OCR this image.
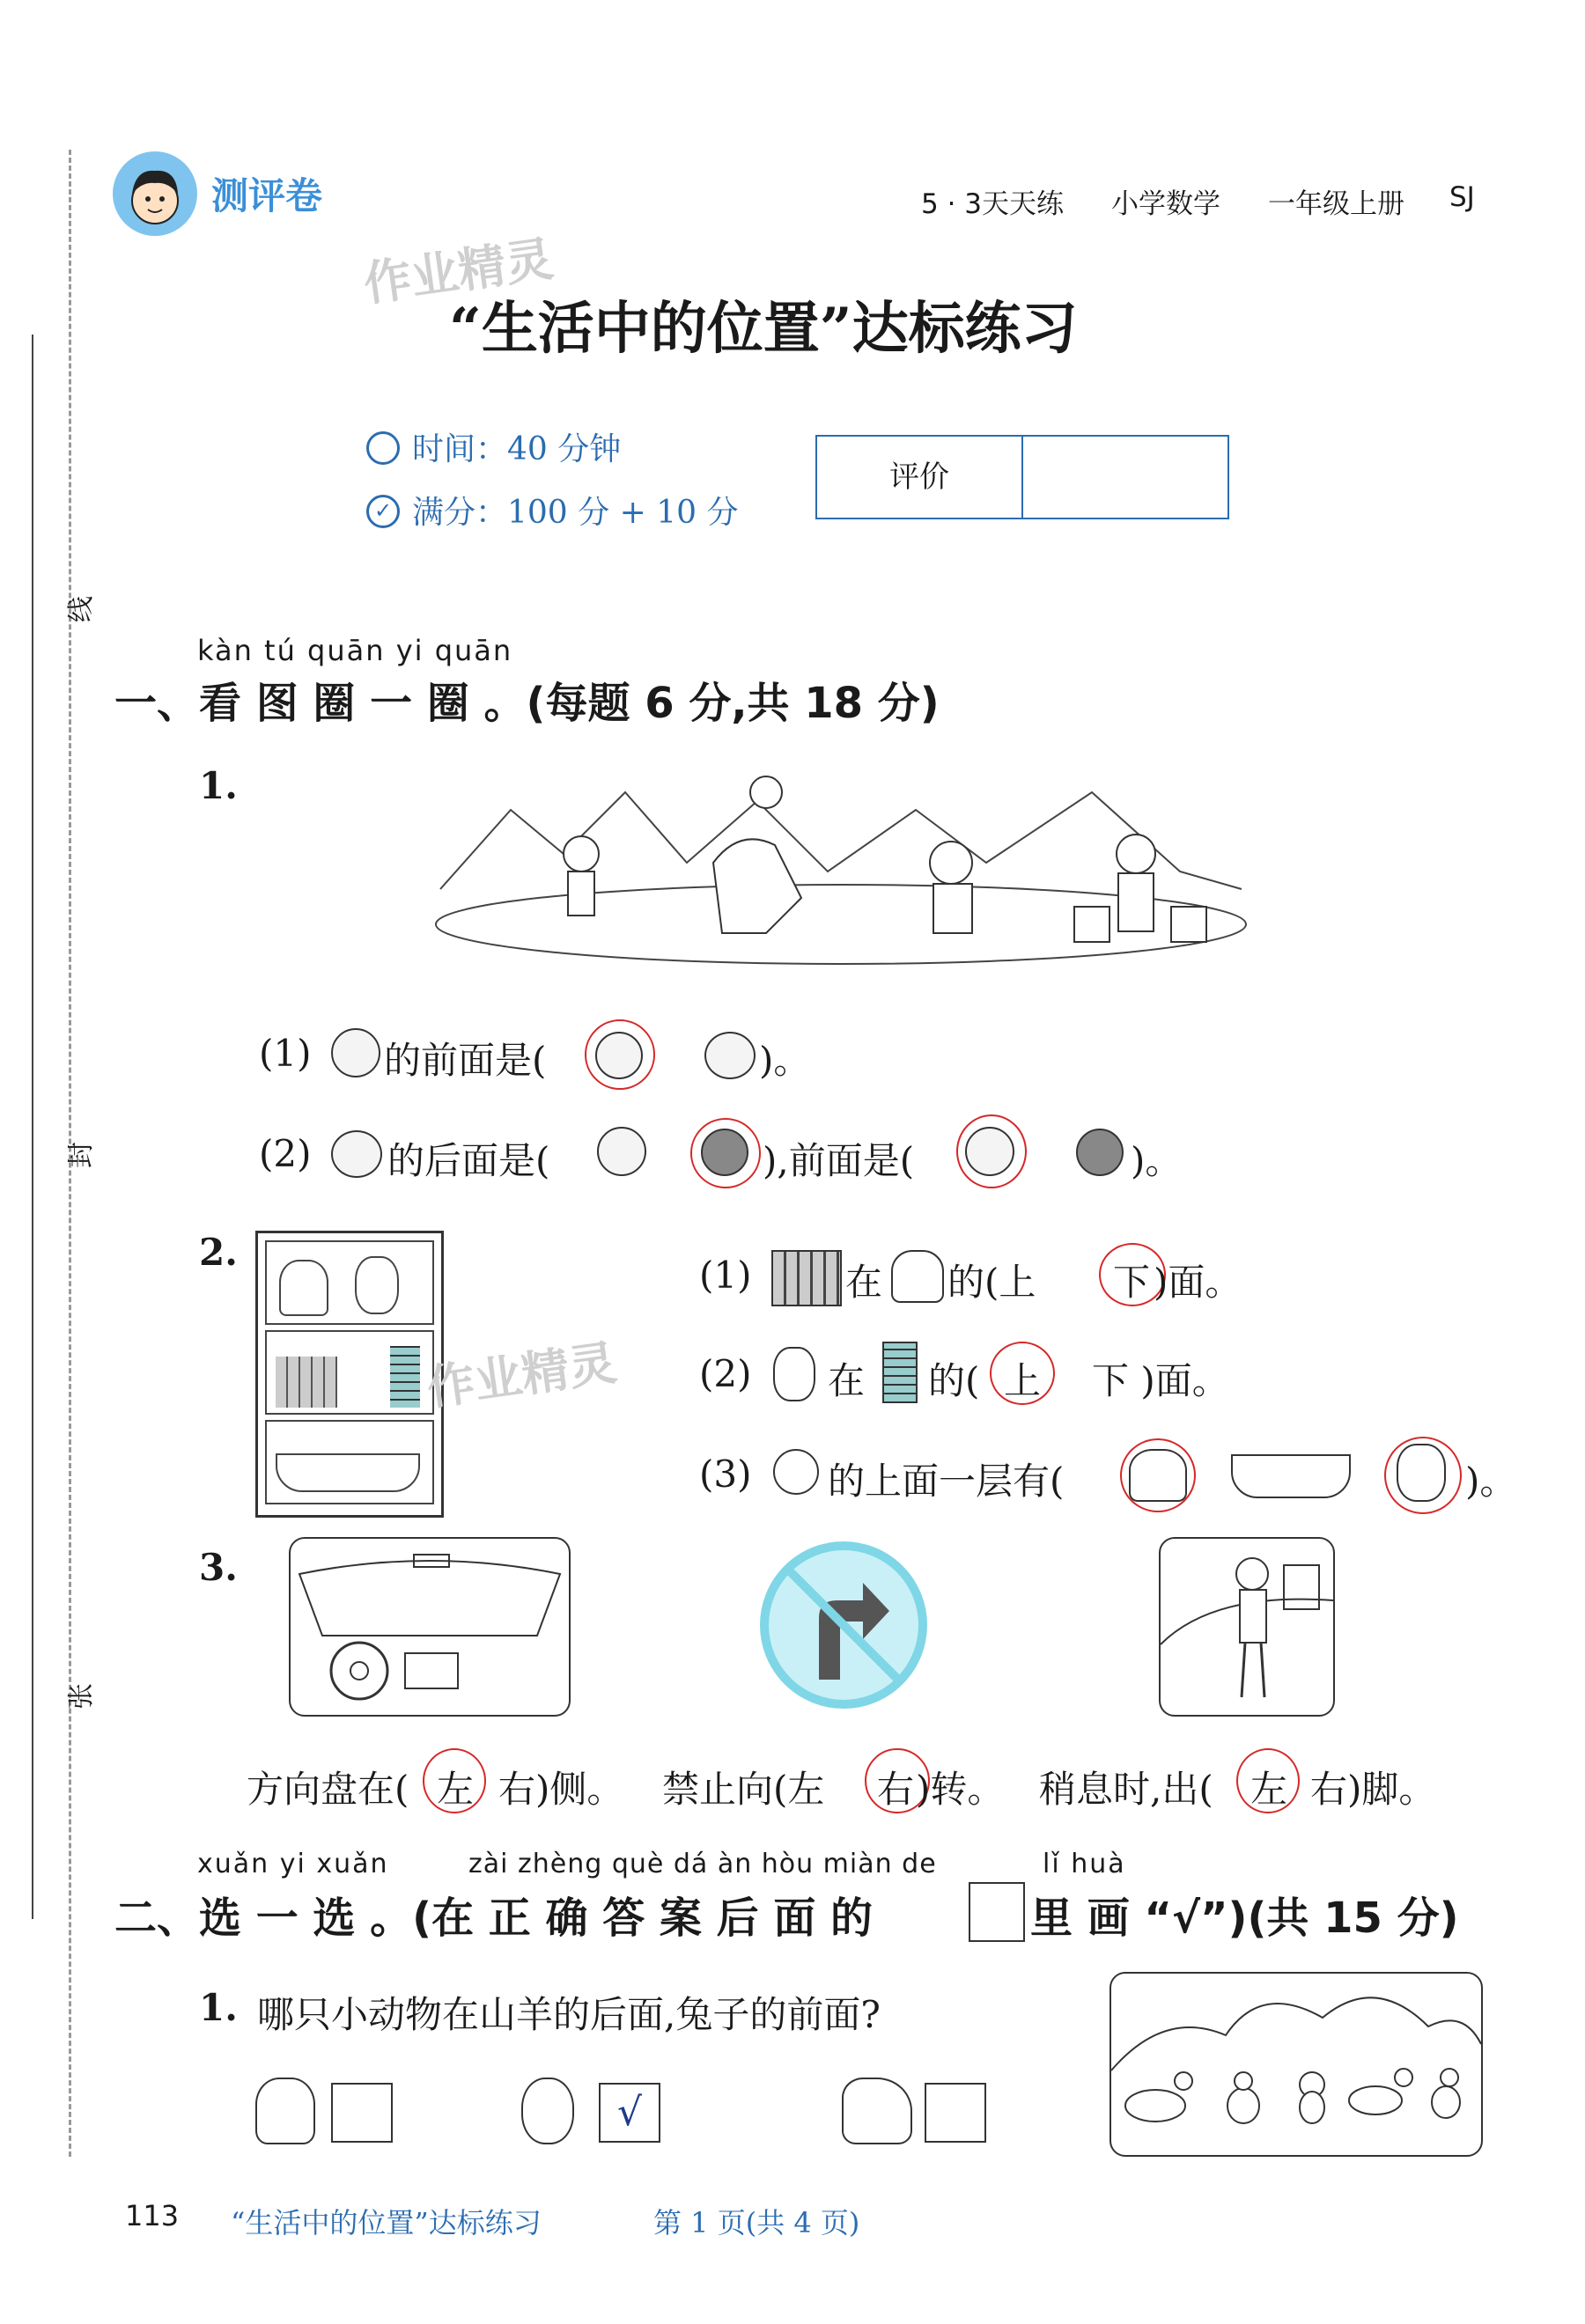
线
封
张
测评卷	5 · 3天天练 小学数学 一年级上册 SJ
作业精灵
“生活中的位置”达标练习
时间：40 分钟
✓ 满分：100 分 + 10 分
评价
kàn tú quān yi quān
一、看 图 圈 一 圈 。(每题 6 分,共 18 分)
1.
(1) 的前面是(	)。
(2) 的后面是(	),前面是(	)。
2.
作业精灵
(1)	在 的(上 下 )面。
(2) 在 的( 上 下 )面。
(3) 的上面一层有(	)。
3.
方向盘在( 左 右)侧。 禁止向(左 右 )转。 稍息时,出( 左 右)脚。
xuǎn yi xuǎn	zài zhèng què dá àn hòu miàn de	lǐ huà
二、选 一 选 。(在 正 确 答 案 后 面 的	里 画 “√”)(共 15 分)
1. 哪只小动物在山羊的后面,兔子的前面?
√
113 “生活中的位置”达标练习	第 1 页(共 4 页)
